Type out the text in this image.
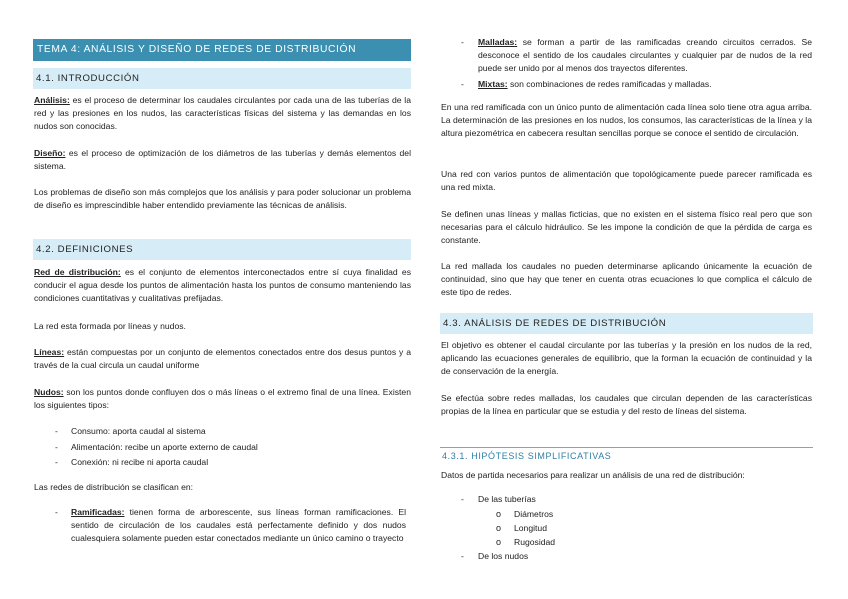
TEMA 4: ANÁLISIS Y DISEÑO DE REDES DE DISTRIBUCIÓN
4.1. INTRODUCCIÓN
Análisis: es el proceso de determinar los caudales circulantes por cada una de las tuberías de la red y las presiones en los nudos, las características físicas del sistema y las demandas en los nudos son conocidas.
Diseño: es el proceso de optimización de los diámetros de las tuberías y demás elementos del sistema.
Los problemas de diseño son más complejos que los análisis y para poder solucionar un problema de diseño es imprescindible haber entendido previamente las técnicas de análisis.
4.2. DEFINICIONES
Red de distribución: es el conjunto de elementos interconectados entre sí cuya finalidad es conducir el agua desde los puntos de alimentación hasta los puntos de consumo manteniendo las condiciones cuantitativas y cualitativas prefijadas.
La red esta formada por líneas y nudos.
Líneas: están compuestas por un conjunto de elementos conectados entre dos desus puntos y a través de la cual circula un caudal uniforme
Nudos: son los puntos donde confluyen dos o más líneas o el extremo final de una línea. Existen los siguientes tipos:
- Consumo: aporta caudal al sistema
- Alimentación: recibe un aporte externo de caudal
- Conexión: ni recibe ni aporta caudal
Las redes de distribución se clasifican en:
- Ramificadas: tienen forma de arborescente, sus líneas forman ramificaciones. El sentido de circulación de los caudales está perfectamente definido y dos nudos cualesquiera solamente pueden estar conectados mediante un único camino o trayecto
- Malladas: se forman a partir de las ramificadas creando circuitos cerrados. Se desconoce el sentido de los caudales circulantes y cualquier par de nudos de la red puede ser unido por al menos dos trayectos diferentes.
- Mixtas: son combinaciones de redes ramificadas y malladas.
En una red ramificada con un único punto de alimentación cada línea solo tiene otra agua arriba. La determinación de las presiones en los nudos, los consumos, las características de la línea y la altura piezométrica en cabecera resultan sencillas porque se conoce el sentido de circulación.
Una red con varios puntos de alimentación que topológicamente puede parecer ramificada es una red mixta.
Se definen unas líneas y mallas ficticias, que no existen en el sistema físico real pero que son necesarias para el cálculo hidráulico. Se les impone la condición de que la pérdida de carga es constante.
La red mallada los caudales no pueden determinarse aplicando únicamente la ecuación de continuidad, sino que hay que tener en cuenta otras ecuaciones lo que complica el cálculo de este tipo de redes.
4.3. ANÁLISIS DE REDES DE DISTRIBUCIÓN
El objetivo es obtener el caudal circulante por las tuberías y la presión en los nudos de la red, aplicando las ecuaciones generales de equilibrio, que la forman la ecuación de continuidad y la de conservación de la energía.
Se efectúa sobre redes malladas, los caudales que circulan dependen de las características propias de la línea en particular que se estudia y del resto de líneas del sistema.
4.3.1. HIPÓTESIS SIMPLIFICATIVAS
Datos de partida necesarios para realizar un análisis de una red de distribución:
- De las tuberías
o Diámetros
o Longitud
o Rugosidad
- De los nudos
